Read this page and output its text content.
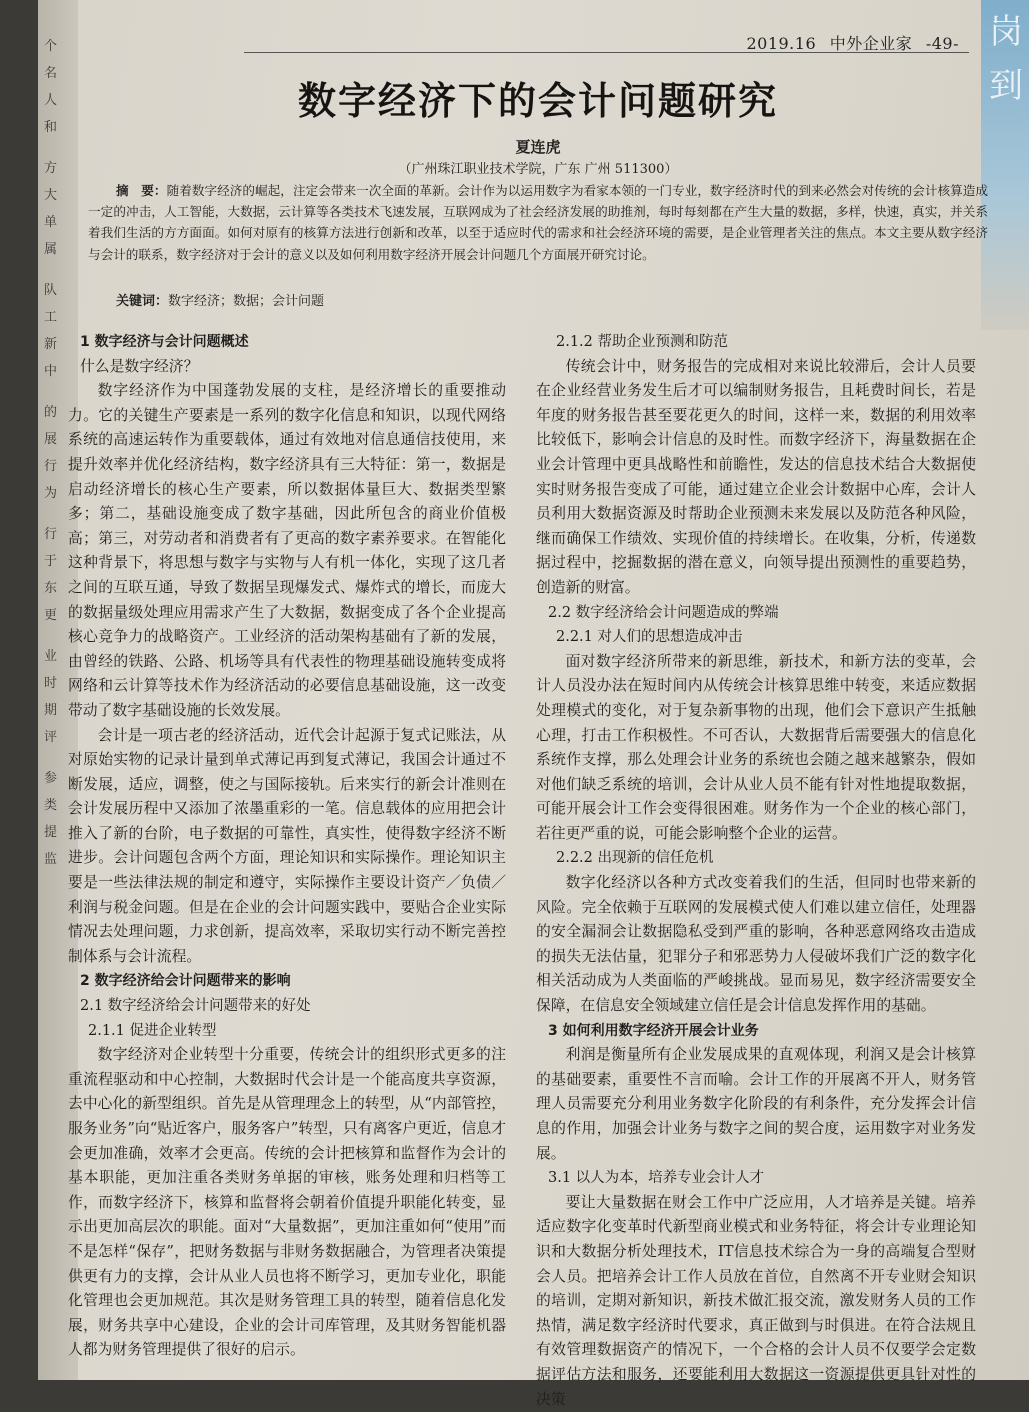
个
名
人
和
方
大
单
属
队
工
新
中
的
展
行
为
行
于
东
更
业
时
期
评
参
类
提
监
岗
到
2019.16 中外企业家 -49-
数字经济下的会计问题研究
夏连虎
（广州珠江职业技术学院，广东 广州 511300）
摘　要：随着数字经济的崛起，注定会带来一次全面的革新。会计作为以运用数字为看家本领的一门专业，数字经济时代的到来必然会对传统的会计核算造成一定的冲击，人工智能，大数据，云计算等各类技术飞速发展，互联网成为了社会经济发展的助推剂，每时每刻都在产生大量的数据，多样，快速，真实，并关系着我们生活的方方面面。如何对原有的核算方法进行创新和改革，以至于适应时代的需求和社会经济环境的需要，是企业管理者关注的焦点。本文主要从数字经济与会计的联系，数字经济对于会计的意义以及如何利用数字经济开展会计问题几个方面展开研究讨论。
关键词：数字经济；数据；会计问题
1 数字经济与会计问题概述
什么是数字经济？

数字经济作为中国蓬勃发展的支柱，是经济增长的重要推动力。它的关键生产要素是一系列的数字化信息和知识，以现代网络系统的高速运转作为重要载体，通过有效地对信息通信技使用，来提升效率并优化经济结构，数字经济具有三大特征：第一，数据是启动经济增长的核心生产要素，所以数据体量巨大、数据类型繁多；第二，基础设施变成了数字基础，因此所包含的商业价值极高；第三，对劳动者和消费者有了更高的数字素养要求。在智能化这种背景下，将思想与数字与实物与人有机一体化，实现了这几者之间的互联互通，导致了数据呈现爆发式、爆炸式的增长，而庞大的数据量级处理应用需求产生了大数据，数据变成了各个企业提高核心竞争力的战略资产。工业经济的活动架构基础有了新的发展，由曾经的铁路、公路、机场等具有代表性的物理基础设施转变成将网络和云计算等技术作为经济活动的必要信息基础设施，这一改变带动了数字基础设施的长效发展。

会计是一项古老的经济活动，近代会计起源于复式记账法，从对原始实物的记录计量到单式薄记再到复式薄记，我国会计通过不断发展，适应，调整，使之与国际接轨。后来实行的新会计准则在会计发展历程中又添加了浓墨重彩的一笔。信息载体的应用把会计推入了新的台阶，电子数据的可靠性，真实性，使得数字经济不断进步。会计问题包含两个方面，理论知识和实际操作。理论知识主要是一些法律法规的制定和遵守，实际操作主要设计资产／负债／利润与税金问题。但是在企业的会计问题实践中，要贴合企业实际情况去处理问题，力求创新，提高效率，采取切实行动不断完善控制体系与会计流程。

2 数字经济给会计问题带来的影响
2.1 数字经济给会计问题带来的好处
2.1.1 促进企业转型

数字经济对企业转型十分重要，传统会计的组织形式更多的注重流程驱动和中心控制，大数据时代会计是一个能高度共享资源，去中心化的新型组织。首先是从管理理念上的转型，从“内部管控，服务业务”向“贴近客户，服务客户”转型，只有离客户更近，信息才会更加准确，效率才会更高。传统的会计把核算和监督作为会计的基本职能，更加注重各类财务单据的审核，账务处理和归档等工作，而数字经济下，核算和监督将会朝着价值提升职能化转变，显示出更加高层次的职能。面对“大量数据”，更加注重如何“使用”而不是怎样“保存”，把财务数据与非财务数据融合，为管理者决策提供更有力的支撑，会计从业人员也将不断学习，更加专业化，职能化管理也会更加规范。其次是财务管理工具的转型，随着信息化发展，财务共享中心建设，企业的会计司库管理，及其财务智能机器人都为财务管理提供了很好的启示。

2.1.2 帮助企业预测和防范

传统会计中，财务报告的完成相对来说比较滞后，会计人员要在企业经营业务发生后才可以编制财务报告，且耗费时间长，若是年度的财务报告甚至要花更久的时间，这样一来，数据的利用效率比较低下，影响会计信息的及时性。而数字经济下，海量数据在企业会计管理中更具战略性和前瞻性，发达的信息技术结合大数据使实时财务报告变成了可能，通过建立企业会计数据中心库，会计人员利用大数据资源及时帮助企业预测未来发展以及防范各种风险，继而确保工作绩效、实现价值的持续增长。在收集，分析，传递数据过程中，挖掘数据的潜在意义，向领导提出预测性的重要趋势，创造新的财富。

2.2 数字经济给会计问题造成的弊端
2.2.1 对人们的思想造成冲击

面对数字经济所带来的新思维，新技术，和新方法的变革，会计人员没办法在短时间内从传统会计核算思维中转变，来适应数据处理模式的变化，对于复杂新事物的出现，他们会下意识产生抵触心理，打击工作积极性。不可否认，大数据背后需要强大的信息化系统作支撑，那么处理会计业务的系统也会随之越来越繁杂，假如对他们缺乏系统的培训，会计从业人员不能有针对性地提取数据，可能开展会计工作会变得很困难。财务作为一个企业的核心部门，若往更严重的说，可能会影响整个企业的运营。

2.2.2 出现新的信任危机

数字化经济以各种方式改变着我们的生活，但同时也带来新的风险。完全依赖于互联网的发展模式使人们难以建立信任，处理器的安全漏洞会让数据隐私受到严重的影响，各种恶意网络攻击造成的损失无法估量，犯罪分子和邪恶势力人侵破坏我们广泛的数字化相关活动成为人类面临的严峻挑战。显而易见，数字经济需要安全保障，在信息安全领域建立信任是会计信息发挥作用的基础。

3 如何利用数字经济开展会计业务

利润是衡量所有企业发展成果的直观体现，利润又是会计核算的基础要素，重要性不言而喻。会计工作的开展离不开人，财务管理人员需要充分利用业务数字化阶段的有利条件，充分发挥会计信息的作用，加强会计业务与数字之间的契合度，运用数字对业务发展。

3.1 以人为本，培养专业会计人才

要让大量数据在财会工作中广泛应用，人才培养是关键。培养适应数字化变革时代新型商业模式和业务特征，将会计专业理论知识和大数据分析处理技术，IT信息技术综合为一身的高端复合型财会人员。把培养会计工作人员放在首位，自然离不开专业财会知识的培训，定期对新知识，新技术做汇报交流，激发财务人员的工作热情，满足数字经济时代要求，真正做到与时俱进。在符合法规且有效管理数据资产的情况下，一个合格的会计人员不仅要学会定数据评估方法和服务，还要能利用大数据这一资源提供更具针对性的决策
